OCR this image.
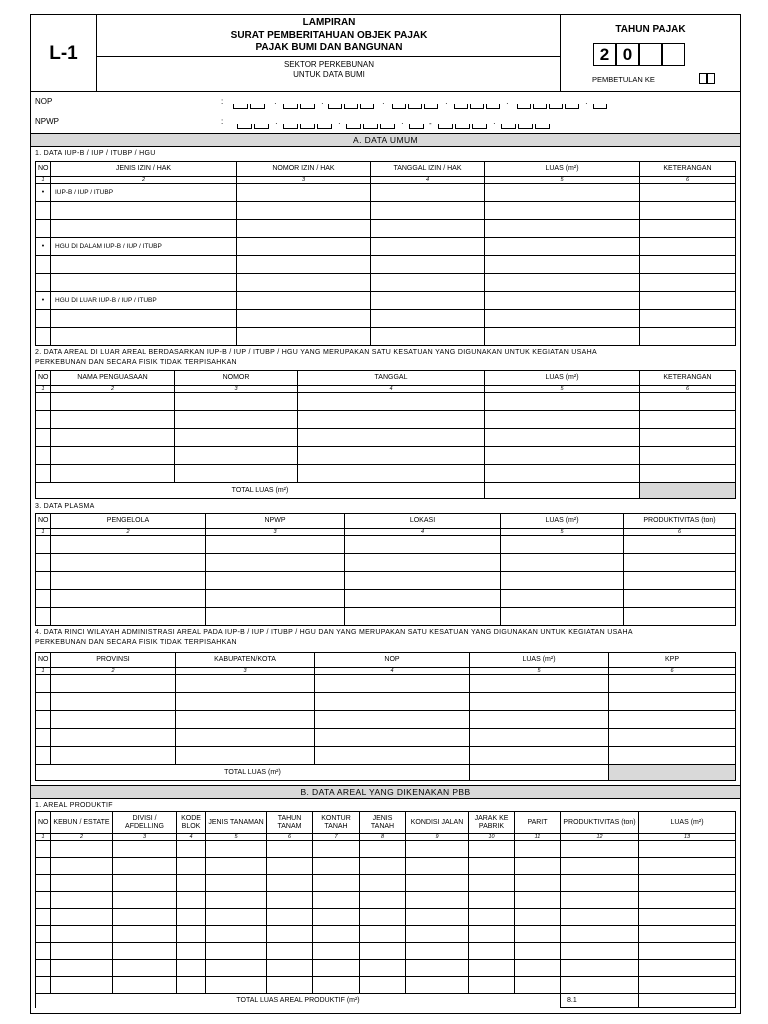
L-1
LAMPIRAN
SURAT PEMBERITAHUAN OBJEK PAJAK
PAJAK BUMI DAN BANGUNAN
SEKTOR PERKEBUNAN
UNTUK DATA BUMI
TAHUN PAJAK
2 0
PEMBETULAN KE
NOP	:	·	·	·	·	·	·
NPWP	:	·	·	·	-	·
A. DATA UMUM
1. DATA IUP-B / IUP / ITUBP / HGU
NO	JENIS IZIN / HAK	NOMOR IZIN / HAK	TANGGAL IZIN / HAK	LUAS (m²)	KETERANGAN
1	2	3	4	5	6
•	IUP-B / IUP / ITUBP				

•	HGU DI DALAM IUP-B / IUP / ITUBP				

•	HGU DI LUAR IUP-B / IUP / ITUBP				

2. DATA AREAL DI LUAR AREAL BERDASARKAN IUP-B / IUP / ITUBP / HGU YANG MERUPAKAN SATU KESATUAN YANG DIGUNAKAN UNTUK KEGIATAN USAHA
PERKEBUNAN DAN SECARA FISIK TIDAK TERPISAHKAN
NO	NAMA PENGUASAAN	NOMOR	TANGGAL	LUAS (m²)	KETERANGAN
1	2	3	4	5	6

TOTAL LUAS (m²)					
3. DATA PLASMA
NO	PENGELOLA	NPWP	LOKASI	LUAS (m²)	PRODUKTIVITAS (ton)
1	2	3	4	5	6

4. DATA RINCI WILAYAH ADMINISTRASI AREAL PADA IUP-B / IUP / ITUBP / HGU DAN YANG MERUPAKAN SATU KESATUAN YANG DIGUNAKAN UNTUK KEGIATAN USAHA
PERKEBUNAN DAN SECARA FISIK TIDAK TERPISAHKAN
NO	PROVINSI	KABUPATEN/KOTA	NOP	LUAS (m²)	KPP
1	2	3	4	5	6

TOTAL LUAS (m²)					
B. DATA AREAL YANG DIKENAKAN PBB
1. AREAL PRODUKTIF
NO	KEBUN / ESTATE	DIVISI / AFDELLING	KODE BLOK	JENIS TANAMAN	TAHUN TANAM	KONTUR TANAH	JENIS TANAH	KONDISI JALAN	JARAK KE PABRIK	PARIT	PRODUKTIVITAS (ton)	LUAS (m²)
1	2	3	4	5	6	7	8	9	10	11	12	13

TOTAL LUAS AREAL PRODUKTIF (m²)											8.1	
